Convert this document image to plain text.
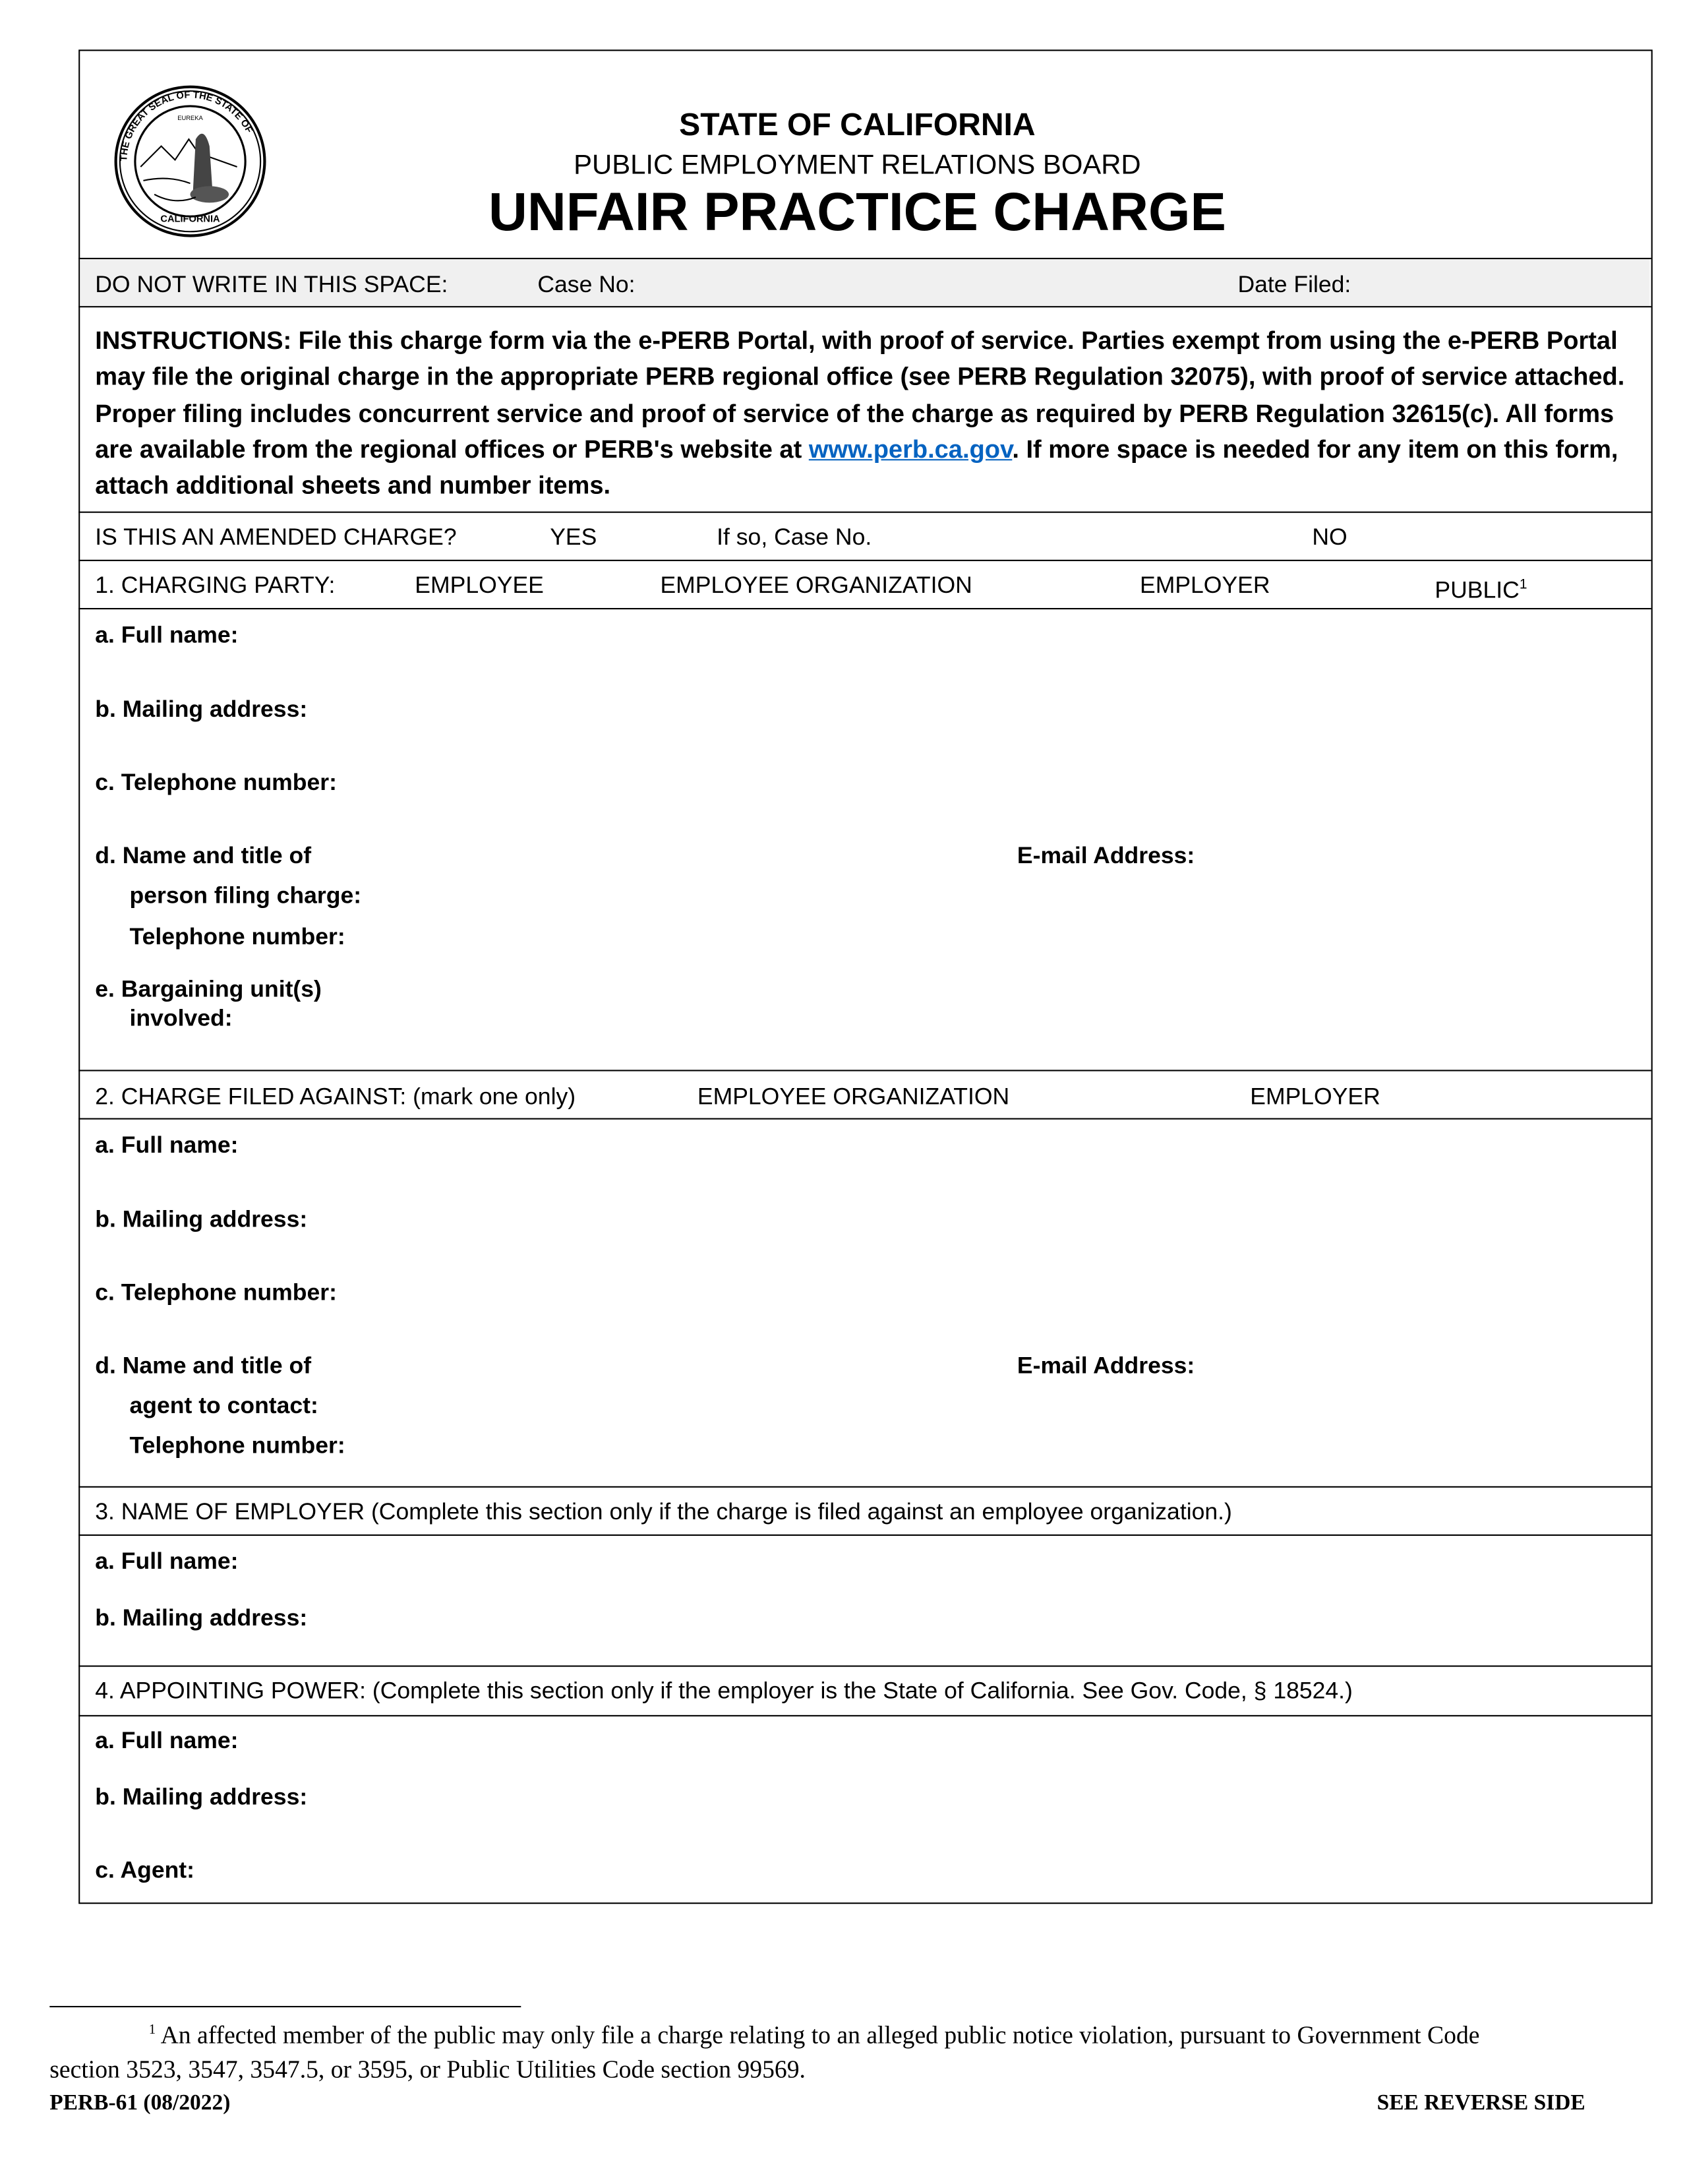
THE GREAT SEAL OF THE STATE OF
CALIFORNIA
EUREKA	STATE OF CALIFORNIA
PUBLIC EMPLOYMENT RELATIONS BOARD
UNFAIR PRACTICE CHARGE
DO NOT WRITE IN THIS SPACE:	Case No:	Date Filed:
INSTRUCTIONS: File this charge form via the e-PERB Portal, with proof of service. Parties exempt from using the e-PERB Portal may file the original charge in the appropriate PERB regional office (see PERB Regulation 32075), with proof of service attached. Proper filing includes concurrent service and proof of service of the charge as required by PERB Regulation 32615(c). All forms are available from the regional offices or PERB's website at www.perb.ca.gov. If more space is needed for any item on this form, attach additional sheets and number items.
IS THIS AN AMENDED CHARGE?	YES	If so, Case No.	NO
1. CHARGING PARTY:	EMPLOYEE	EMPLOYEE ORGANIZATION	EMPLOYER	PUBLIC$^1$
a. Full name:
b. Mailing address:
c. Telephone number:
d. Name and title of
person filing charge:
Telephone number:
E-mail Address:
e. Bargaining unit(s)
involved:
2. CHARGE FILED AGAINST: (mark one only)	EMPLOYEE ORGANIZATION	EMPLOYER
a. Full name:
b. Mailing address:
c. Telephone number:
d. Name and title of
agent to contact:
Telephone number:
E-mail Address:
3. NAME OF EMPLOYER (Complete this section only if the charge is filed against an employee organization.)
a. Full name:
b. Mailing address:
4. APPOINTING POWER: (Complete this section only if the employer is the State of California. See Gov. Code, § 18524.)
a. Full name:
b. Mailing address:
c. Agent:
$^1$ An affected member of the public may only file a charge relating to an alleged public notice violation, pursuant to Government Code
section 3523, 3547, 3547.5, or 3595, or Public Utilities Code section 99569.
PERB-61 (08/2022)	SEE REVERSE SIDE
